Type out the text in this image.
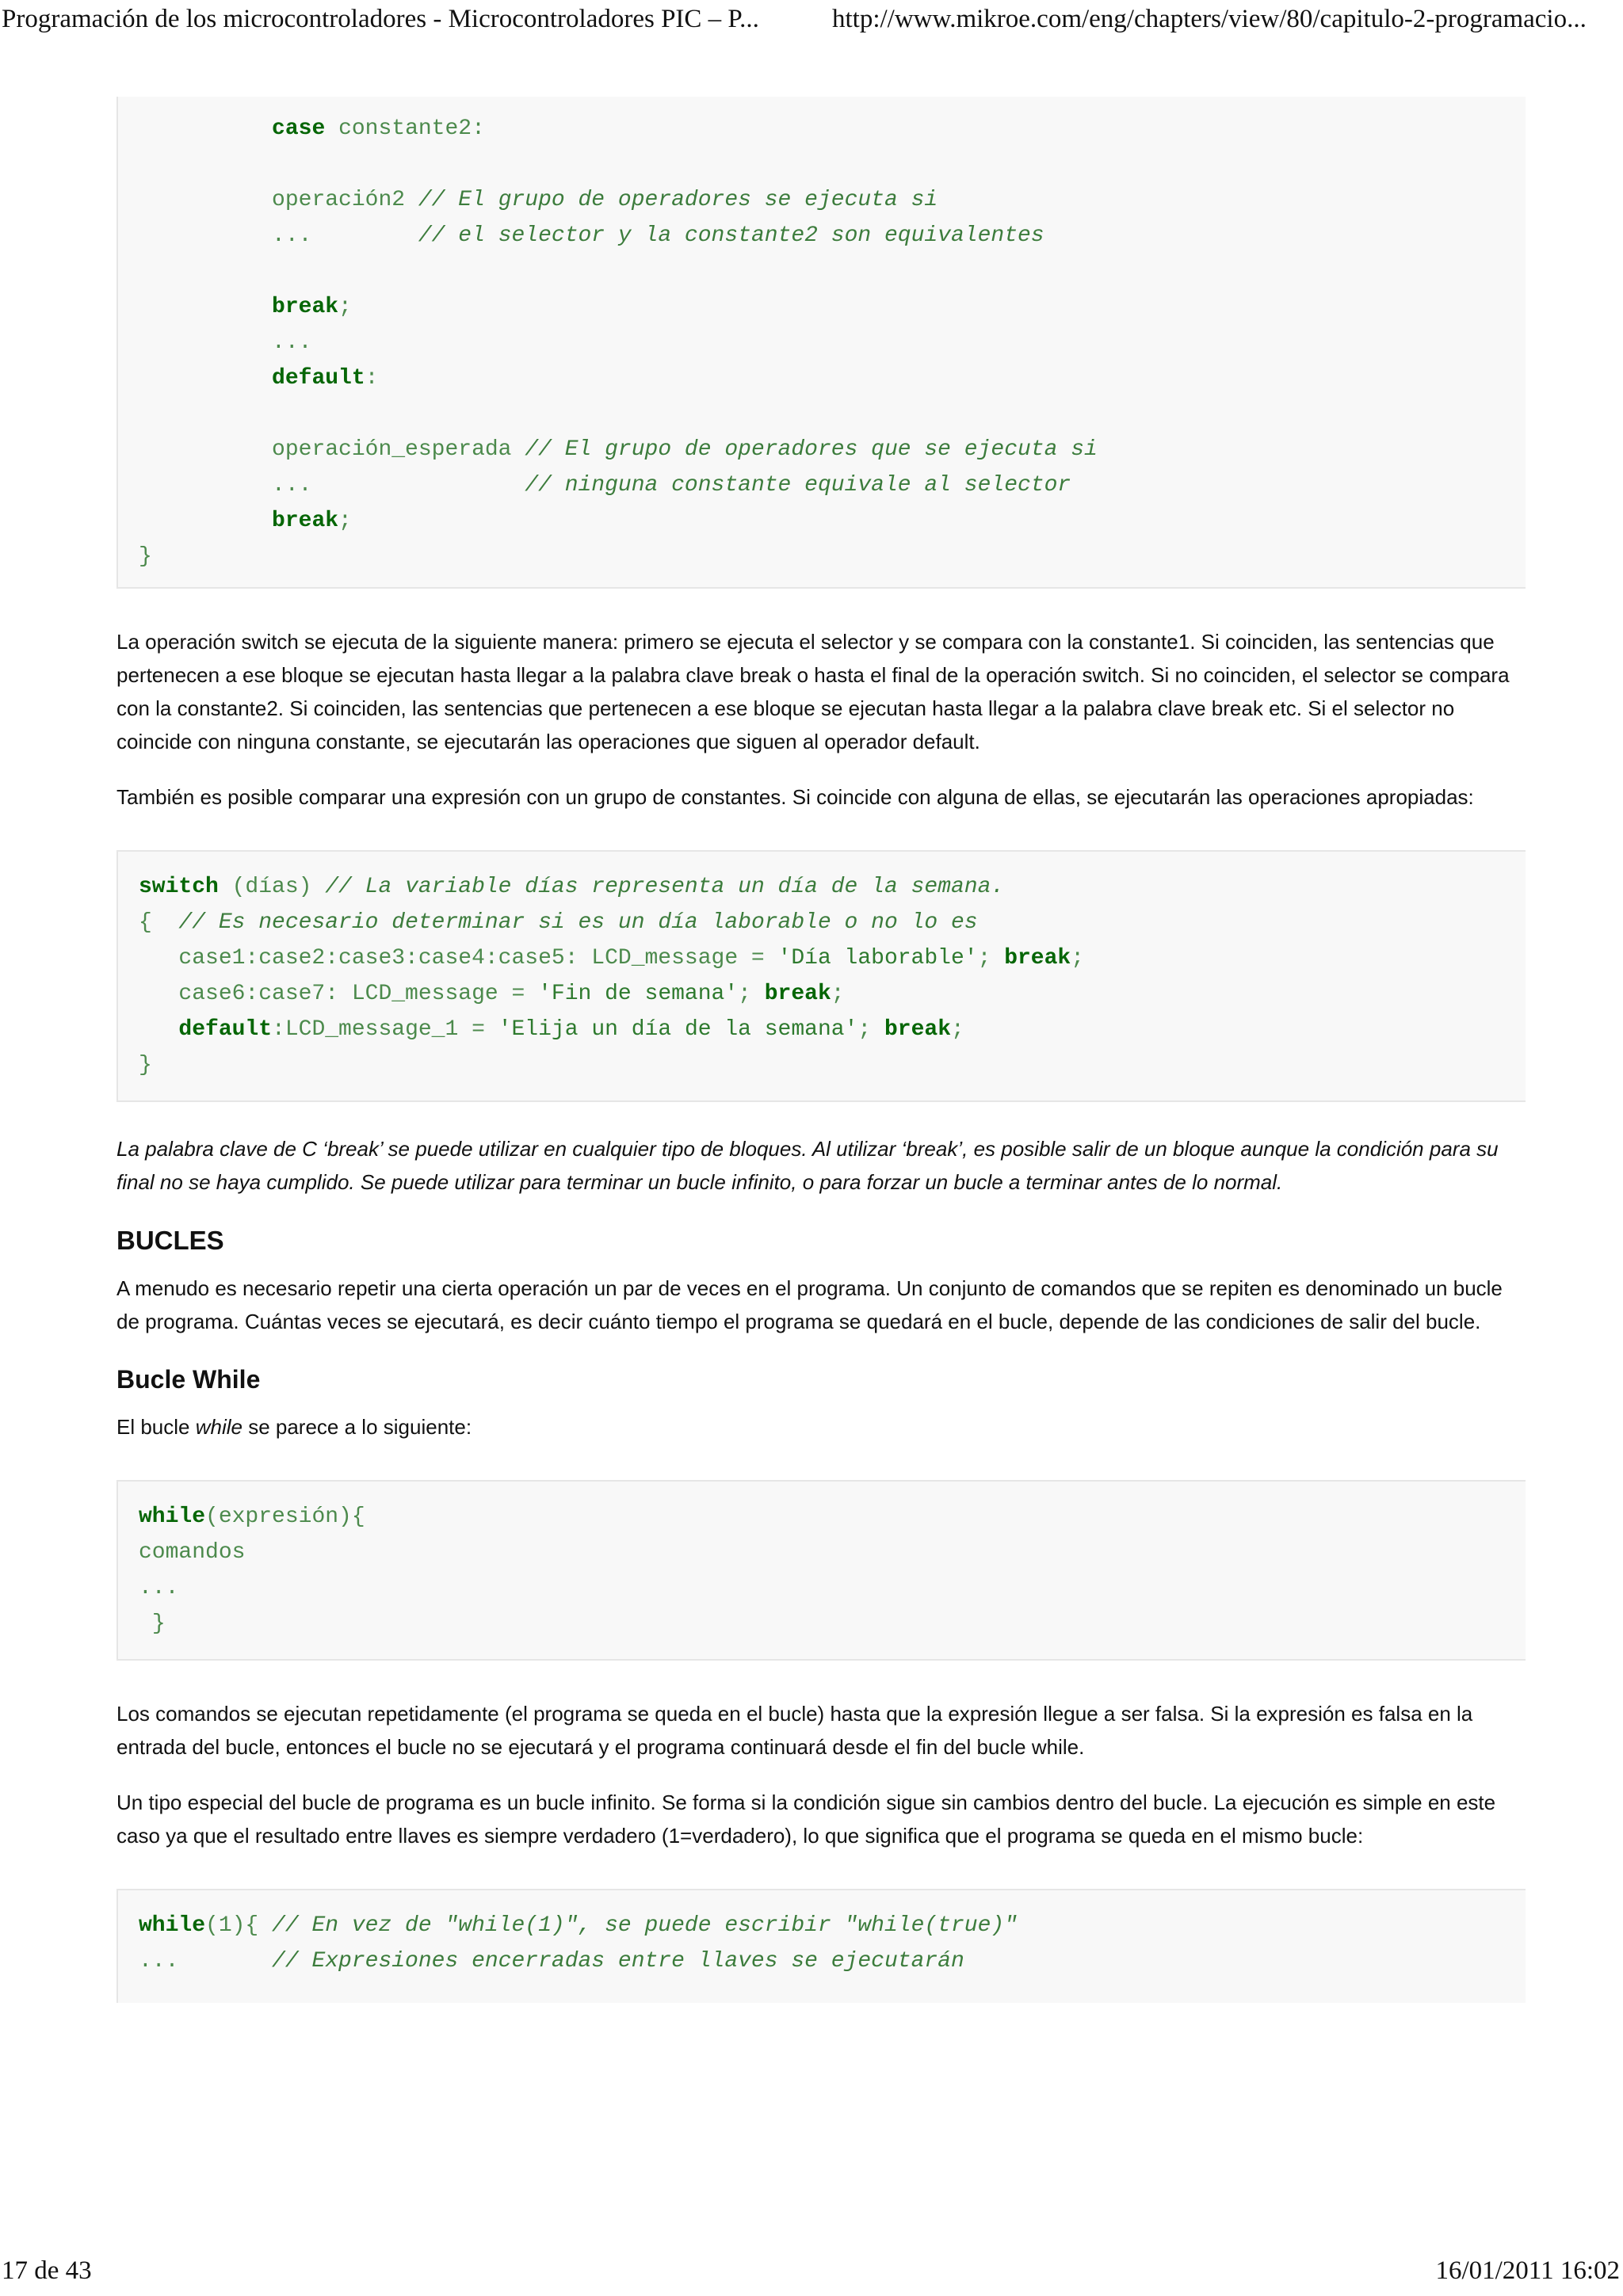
Programación de los microcontroladores - Microcontroladores PIC – P...	http://www.mikroe.com/eng/chapters/view/80/capitulo-2-programacio...
case constante2:

operación2 // El grupo de operadores se ejecuta si
...	// el selector y la constante2 son equivalentes

break;
...
default:

operación_esperada // El grupo de operadores que se ejecuta si
...	// ninguna constante equivale al selector
break;
}

La operación switch se ejecuta de la siguiente manera: primero se ejecuta el selector y se compara con la constante1. Si coinciden, las sentencias que pertenecen a ese bloque se ejecutan hasta llegar a la palabra clave break o hasta el final de la operación switch. Si no coinciden, el selector se compara con la constante2. Si coinciden, las sentencias que pertenecen a ese bloque se ejecutan hasta llegar a la palabra clave break etc. Si el selector no coincide con ninguna constante, se ejecutarán las operaciones que siguen al operador default.

También es posible comparar una expresión con un grupo de constantes. Si coincide con alguna de ellas, se ejecutarán las operaciones apropiadas:

switch (días) // La variable días representa un día de la semana.
{  // Es necesario determinar si es un día laborable o no lo es
case1:case2:case3:case4:case5: LCD_message = 'Día laborable'; break;
case6:case7: LCD_message = 'Fin de semana'; break;
default:LCD_message_1 = 'Elija un día de la semana'; break;
}

La palabra clave de C ‘break’ se puede utilizar en cualquier tipo de bloques. Al utilizar ‘break’, es posible salir de un bloque aunque la condición para su final no se haya cumplido. Se puede utilizar para terminar un bucle infinito, o para forzar un bucle a terminar antes de lo normal.

BUCLES

A menudo es necesario repetir una cierta operación un par de veces en el programa. Un conjunto de comandos que se repiten es denominado un bucle de programa. Cuántas veces se ejecutará, es decir cuánto tiempo el programa se quedará en el bucle, depende de las condiciones de salir del bucle.

Bucle While

El bucle while se parece a lo siguiente:

while(expresión){
comandos
...
}

Los comandos se ejecutan repetidamente (el programa se queda en el bucle) hasta que la expresión llegue a ser falsa. Si la expresión es falsa en la entrada del bucle, entonces el bucle no se ejecutará y el programa continuará desde el fin del bucle while.

Un tipo especial del bucle de programa es un bucle infinito. Se forma si la condición sigue sin cambios dentro del bucle. La ejecución es simple en este caso ya que el resultado entre llaves es siempre verdadero (1=verdadero), lo que significa que el programa se queda en el mismo bucle:

while(1){ // En vez de "while(1)", se puede escribir "while(true)"
...       // Expresiones encerradas entre llaves se ejecutarán
17 de 43	16/01/2011 16:02
